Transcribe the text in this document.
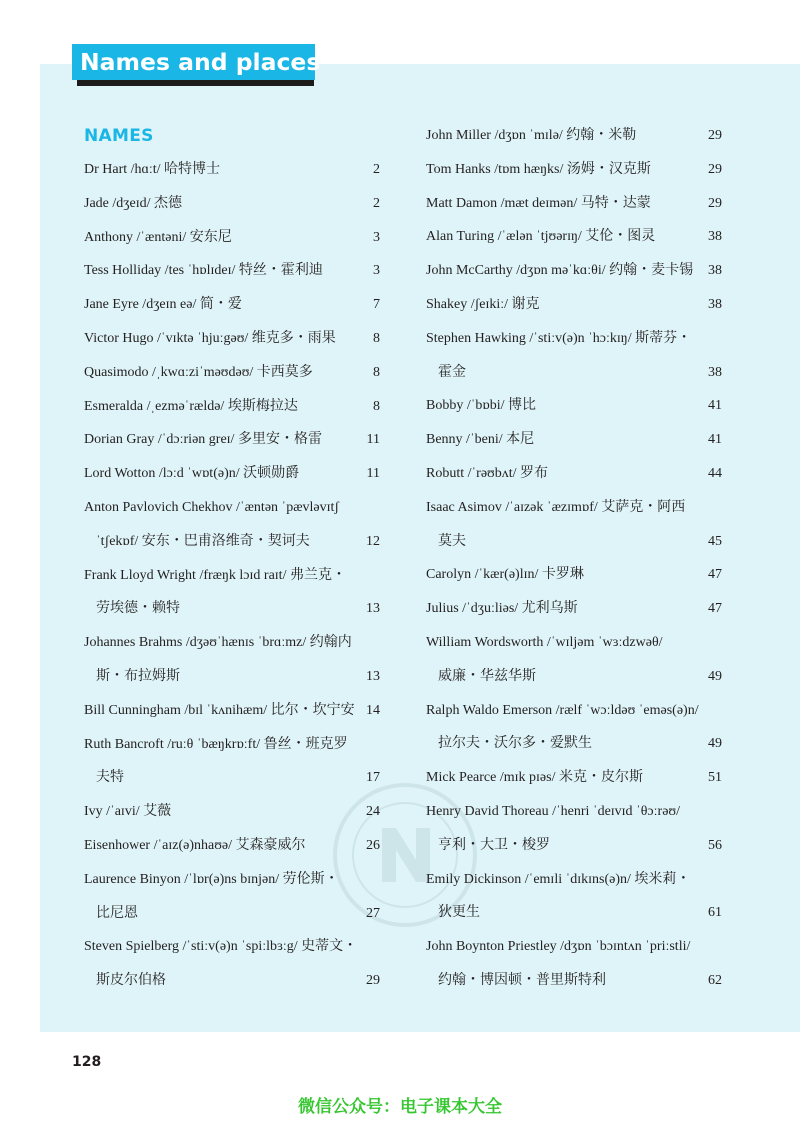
Names and places
NAMES
Dr Hart /hɑːt/ 哈特博士	2
Jade /dʒeɪd/ 杰德	2
Anthony /ˈæntəni/ 安东尼	3
Tess Holliday /tes ˈhɒlɪdeɪ/ 特丝・霍利迪	3
Jane Eyre /dʒeɪn eə/ 简・爱	7
Victor Hugo /ˈvɪktə ˈhjuːgəʊ/ 维克多・雨果	8
Quasimodo /ˌkwɑːziˈməʊdəʊ/ 卡西莫多	8
Esmeralda /ˌezməˈrældə/ 埃斯梅拉达	8
Dorian Gray /ˈdɔːriən greɪ/ 多里安・格雷	11
Lord Wotton /lɔːd ˈwɒt(ə)n/ 沃顿勋爵	11
Anton Pavlovich Chekhov /ˈæntən ˈpævləvɪtʃ
ˈtʃekɒf/ 安东・巴甫洛维奇・契诃夫	12
Frank Lloyd Wright /fræŋk lɔɪd raɪt/ 弗兰克・
劳埃德・赖特	13
Johannes Brahms /dʒəʊˈhænɪs ˈbrɑːmz/ 约翰内
斯・布拉姆斯	13
Bill Cunningham /bɪl ˈkʌnihæm/ 比尔・坎宁安 14
Ruth Bancroft /ruːθ ˈbæŋkrɒːft/ 鲁丝・班克罗
夫特	17
Ivy /ˈaɪvi/ 艾薇	24
Eisenhower /ˈaɪz(ə)nhaʊə/ 艾森豪威尔	26
Laurence Binyon /ˈlɒr(ə)ns bɪnjən/ 劳伦斯・
比尼恩	27
Steven Spielberg /ˈstiːv(ə)n ˈspiːlbɜːg/ 史蒂文・
斯皮尔伯格	29
John Miller /dʒɒn ˈmɪlə/ 约翰・米勒	29
Tom Hanks /tɒm hæŋks/ 汤姆・汉克斯	29
Matt Damon /mæt deɪmən/ 马特・达蒙	29
Alan Turing /ˈælən ˈtjʊərɪŋ/ 艾伦・图灵	38
John McCarthy /dʒɒn məˈkɑːθi/ 约翰・麦卡锡 38
Shakey /ʃeɪkiː/ 谢克	38
Stephen Hawking /ˈstiːv(ə)n ˈhɔːkɪŋ/ 斯蒂芬・
霍金	38
Bobby /ˈbɒbi/ 博比	41
Benny /ˈbeni/ 本尼	41
Robutt /ˈrəʊbʌt/ 罗布	44
Isaac Asimov /ˈaɪzək ˈæzɪmɒf/ 艾萨克・阿西
莫夫	45
Carolyn /ˈkær(ə)lɪn/ 卡罗琳	47
Julius /ˈdʒuːliəs/ 尤利乌斯	47
William Wordsworth /ˈwɪljəm ˈwɜːdzwəθ/
威廉・华兹华斯	49
Ralph Waldo Emerson /rælf ˈwɔːldəʊ ˈeməs(ə)n/
拉尔夫・沃尔多・爱默生	49
Mick Pearce /mɪk pɪəs/ 米克・皮尔斯	51
Henry David Thoreau /ˈhenri ˈdeɪvɪd ˈθɔːrəʊ/
亨利・大卫・梭罗	56
Emily Dickinson /ˈemɪli ˈdɪkɪns(ə)n/ 埃米莉・
狄更生	61
John Boynton Priestley /dʒɒn ˈbɔɪntʌn ˈpriːstli/
约翰・博因顿・普里斯特利	62
128
微信公众号：电子课本大全
